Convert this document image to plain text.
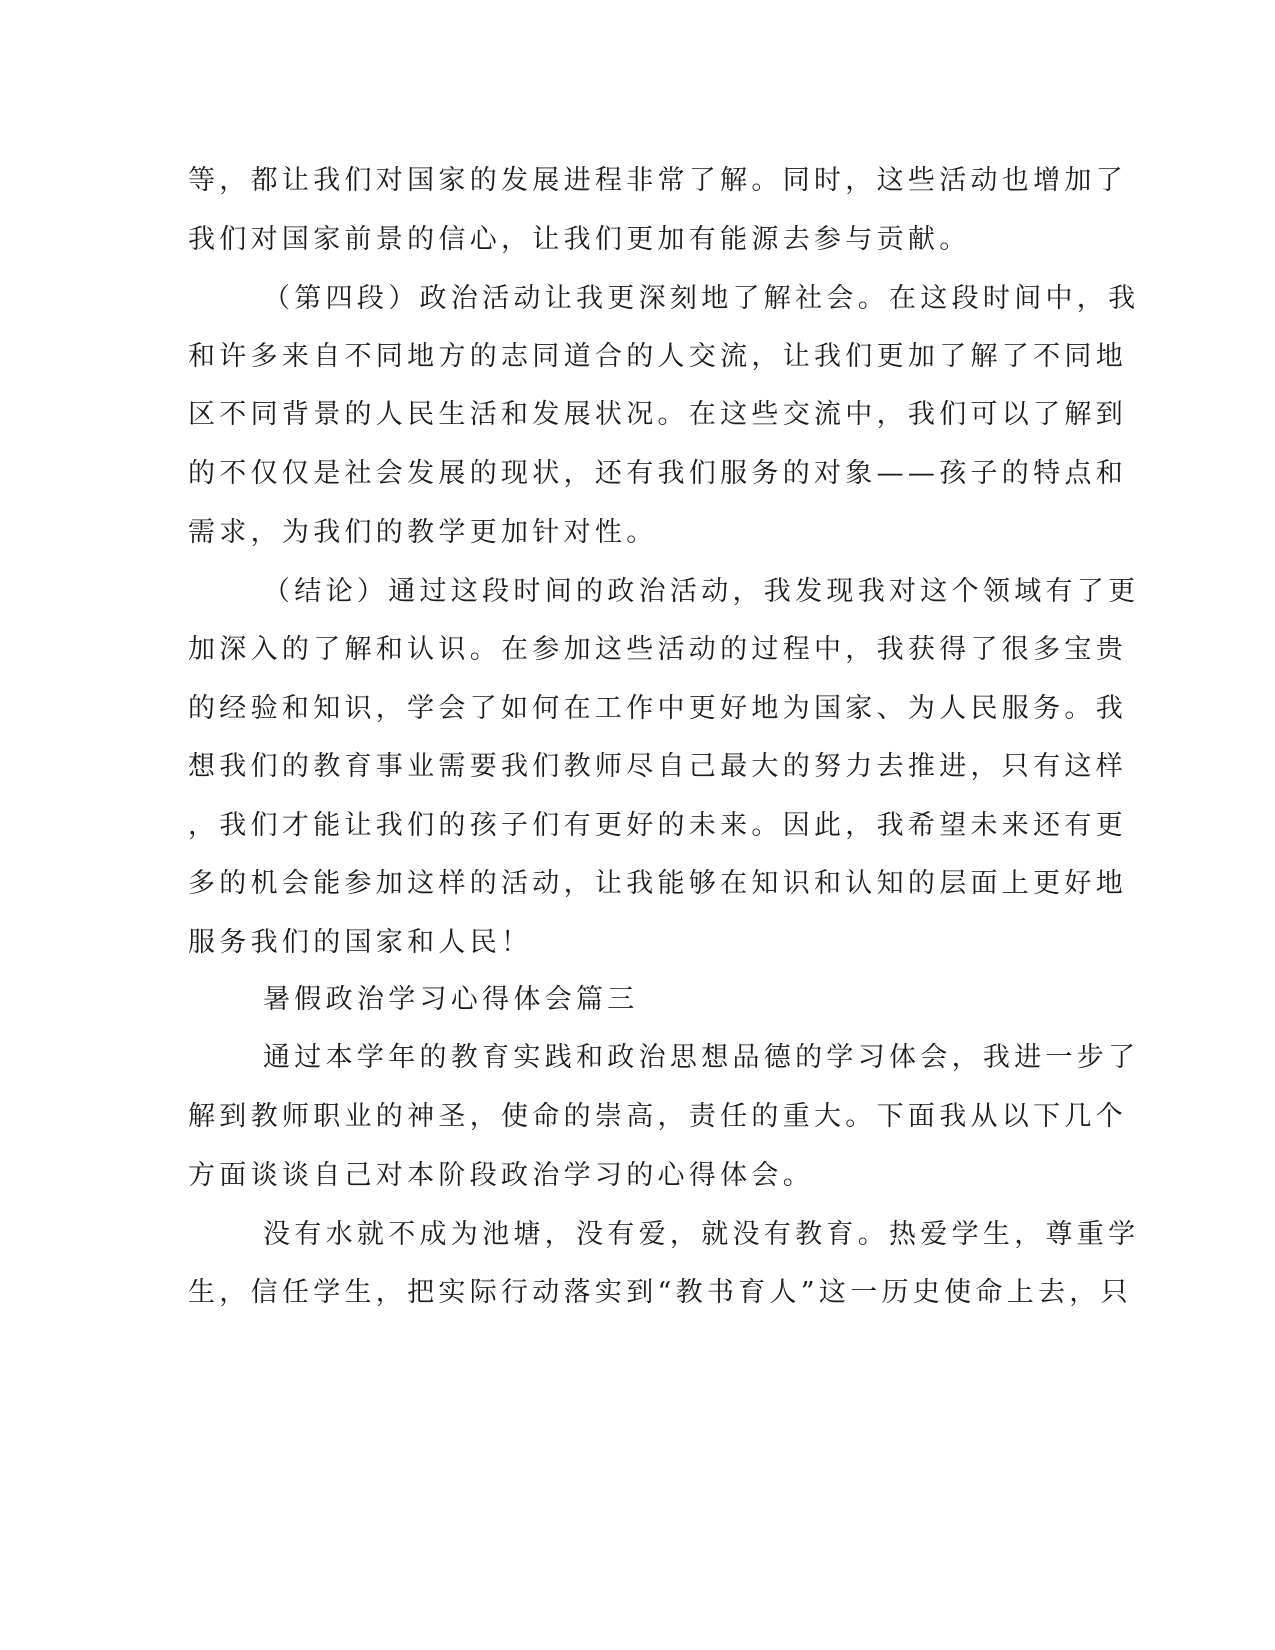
等，都让我们对国家的发展进程非常了解。同时，这些活动也增加了
我们对国家前景的信心，让我们更加有能源去参与贡献。
（第四段）政治活动让我更深刻地了解社会。在这段时间中，我
和许多来自不同地方的志同道合的人交流，让我们更加了解了不同地
区不同背景的人民生活和发展状况。在这些交流中，我们可以了解到
的不仅仅是社会发展的现状，还有我们服务的对象——孩子的特点和
需求，为我们的教学更加针对性。
（结论）通过这段时间的政治活动，我发现我对这个领域有了更
加深入的了解和认识。在参加这些活动的过程中，我获得了很多宝贵
的经验和知识，学会了如何在工作中更好地为国家、为人民服务。我
想我们的教育事业需要我们教师尽自己最大的努力去推进，只有这样
，我们才能让我们的孩子们有更好的未来。因此，我希望未来还有更
多的机会能参加这样的活动，让我能够在知识和认知的层面上更好地
服务我们的国家和人民！
暑假政治学习心得体会篇三
通过本学年的教育实践和政治思想品德的学习体会，我进一步了
解到教师职业的神圣，使命的崇高，责任的重大。下面我从以下几个
方面谈谈自己对本阶段政治学习的心得体会。
没有水就不成为池塘，没有爱，就没有教育。热爱学生，尊重学
生，信任学生，把实际行动落实到“教书育人”这一历史使命上去，只
